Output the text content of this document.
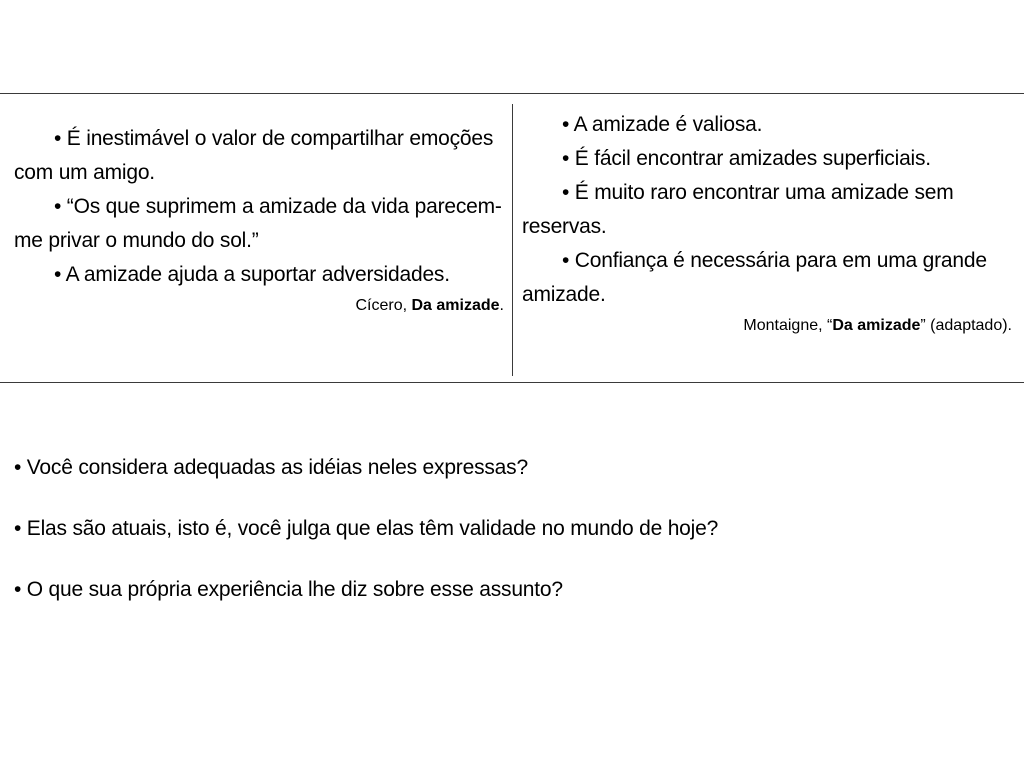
• É inestimável o valor de compartilhar emoções com um amigo.

• “Os que suprimem a amizade da vida parecem-me privar o mundo do sol.”

• A amizade ajuda a suportar adversidades.

Cícero, Da amizade.

• A amizade é valiosa.

• É fácil encontrar amizades superficiais.

• É muito raro encontrar uma amizade sem reservas.

• Confiança é necessária para em uma grande amizade.

Montaigne, “Da amizade” (adaptado).

• Você considera adequadas as idéias neles expressas?

• Elas são atuais, isto é, você julga que elas têm validade no mundo de hoje?

• O que sua própria experiência lhe diz sobre esse assunto?
